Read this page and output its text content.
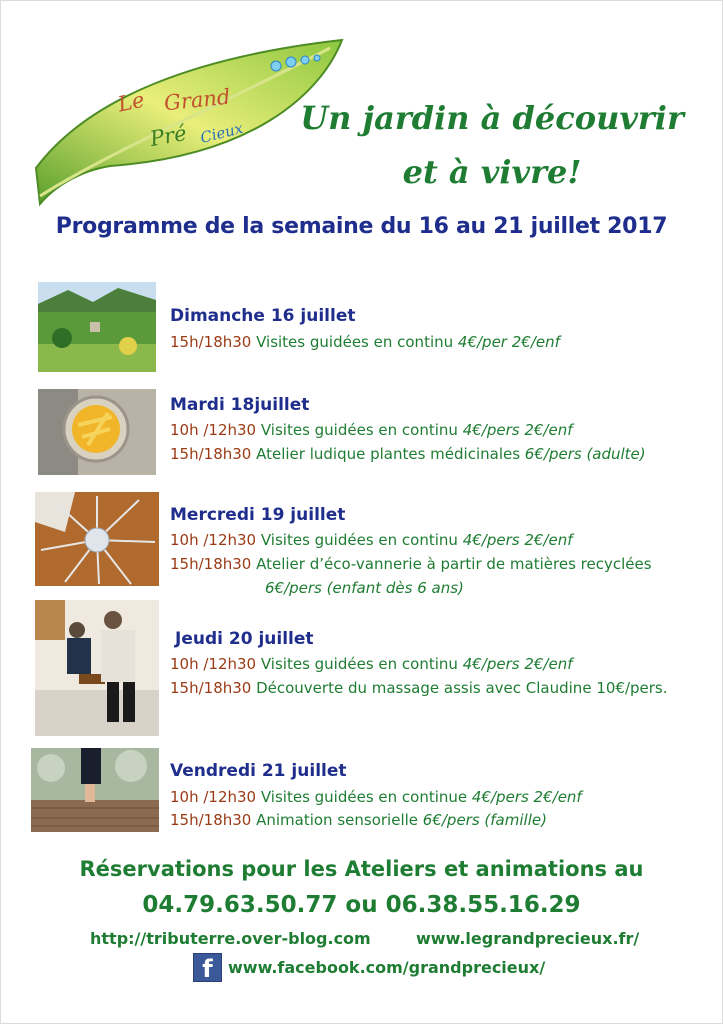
Le Grand
Pré Cieux Un jardin à découvrir
et à vivre!
Programme de la semaine du 16 au 21 juillet 2017
Dimanche 16 juillet
15h/18h30 Visites guidées en continu 4€/per 2€/enf
Mardi 18juillet
10h /12h30 Visites guidées en continu 4€/pers 2€/enf
15h/18h30 Atelier ludique plantes médicinales 6€/pers (adulte)
Mercredi 19 juillet
10h /12h30 Visites guidées en continu 4€/pers 2€/enf
15h/18h30 Atelier d’éco-vannerie à partir de matières recyclées
6€/pers (enfant dès 6 ans)
Jeudi 20 juillet
10h /12h30 Visites guidées en continu 4€/pers 2€/enf
15h/18h30 Découverte du massage assis avec Claudine 10€/pers.
Vendredi 21 juillet
10h /12h30 Visites guidées en continue 4€/pers 2€/enf
15h/18h30 Animation sensorielle 6€/pers (famille)
Réservations pour les Ateliers et animations au
04.79.63.50.77 ou 06.38.55.16.29
http://tributerre.over-blog.com	www.legrandprecieux.fr/
f www.facebook.com/grandprecieux/
